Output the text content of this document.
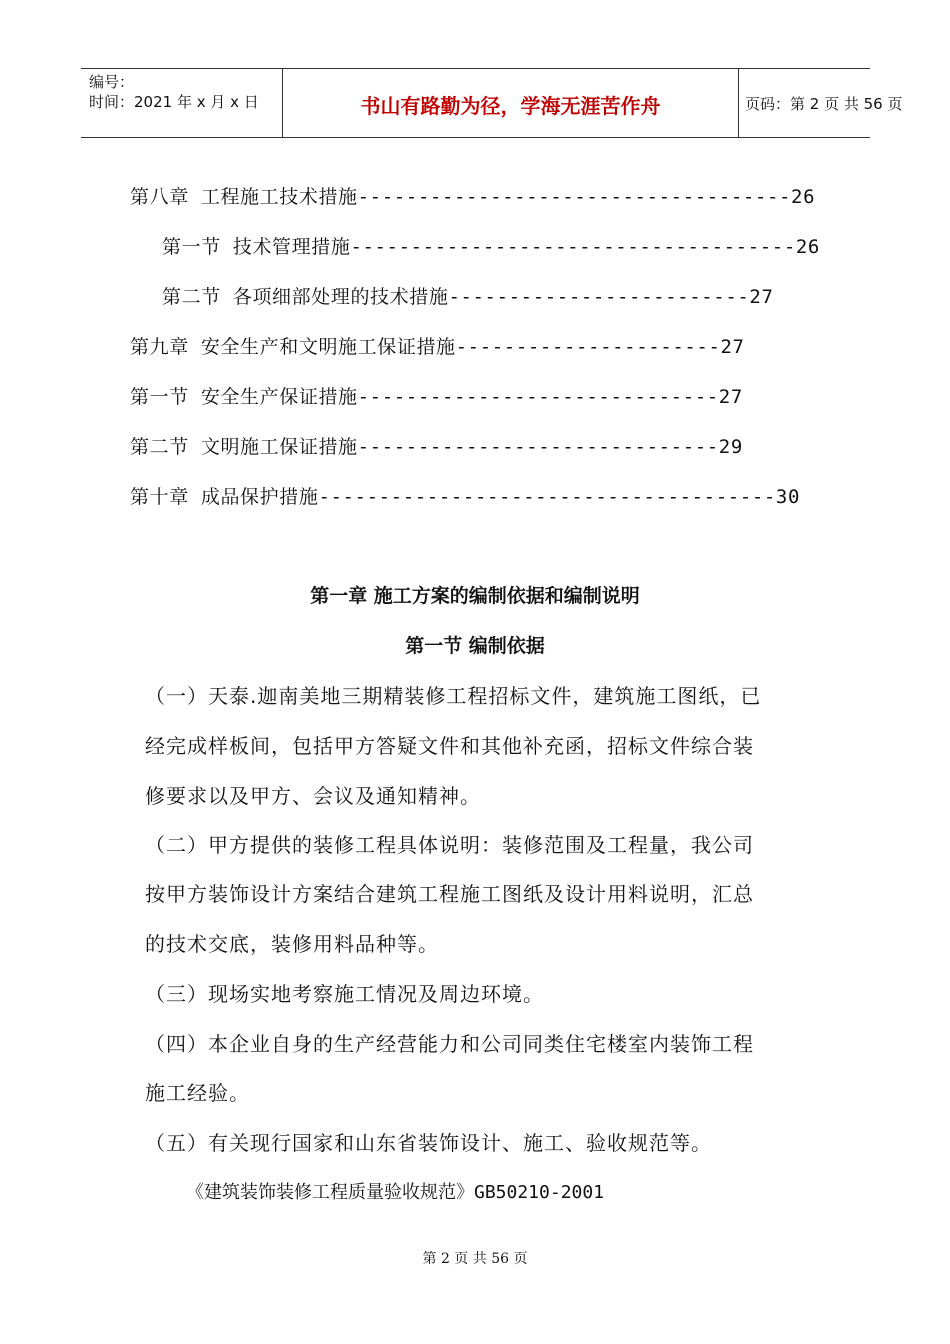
编号：
时间：2021 年 x 月 x 日	书山有路勤为径，学海无涯苦作舟	页码：第 2 页 共 56 页
第八章 工程施工技术措施------------------------------------26
第一节 技术管理措施-------------------------------------26
第二节 各项细部处理的技术措施-------------------------27
第九章 安全生产和文明施工保证措施----------------------27
第一节 安全生产保证措施------------------------------27
第二节 文明施工保证措施------------------------------29
第十章 成品保护措施--------------------------------------30
第一章 施工方案的编制依据和编制说明
第一节 编制依据
（一）天泰.迦南美地三期精装修工程招标文件，建筑施工图纸，已
经完成样板间，包括甲方答疑文件和其他补充函，招标文件综合装
修要求以及甲方、会议及通知精神。
（二）甲方提供的装修工程具体说明：装修范围及工程量，我公司
按甲方装饰设计方案结合建筑工程施工图纸及设计用料说明，汇总
的技术交底，装修用料品种等。
（三）现场实地考察施工情况及周边环境。
（四）本企业自身的生产经营能力和公司同类住宅楼室内装饰工程
施工经验。
（五）有关现行国家和山东省装饰设计、施工、验收规范等。
《建筑装饰装修工程质量验收规范》GB50210-2001
第 2 页 共 56 页
